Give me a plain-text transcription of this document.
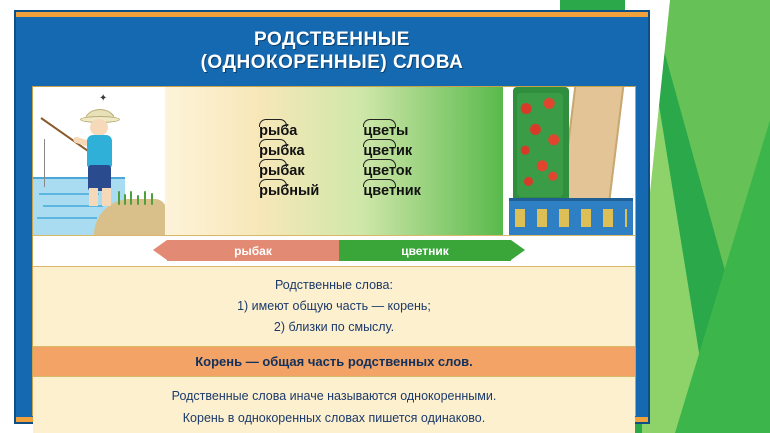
РОДСТВЕННЫЕ
(ОДНОКОРЕННЫЕ) СЛОВА
✦
рыба
рыбка
рыбак
рыбный
цветы
цветик
цветок
цветник
рыбак	цветник
Родственные слова:
1) имеют общую часть — корень;
2) близки по смыслу.
Корень — общая часть родственных слов.
Родственные слова иначе называются однокоренными.
Корень в однокоренных словах пишется одинаково.
